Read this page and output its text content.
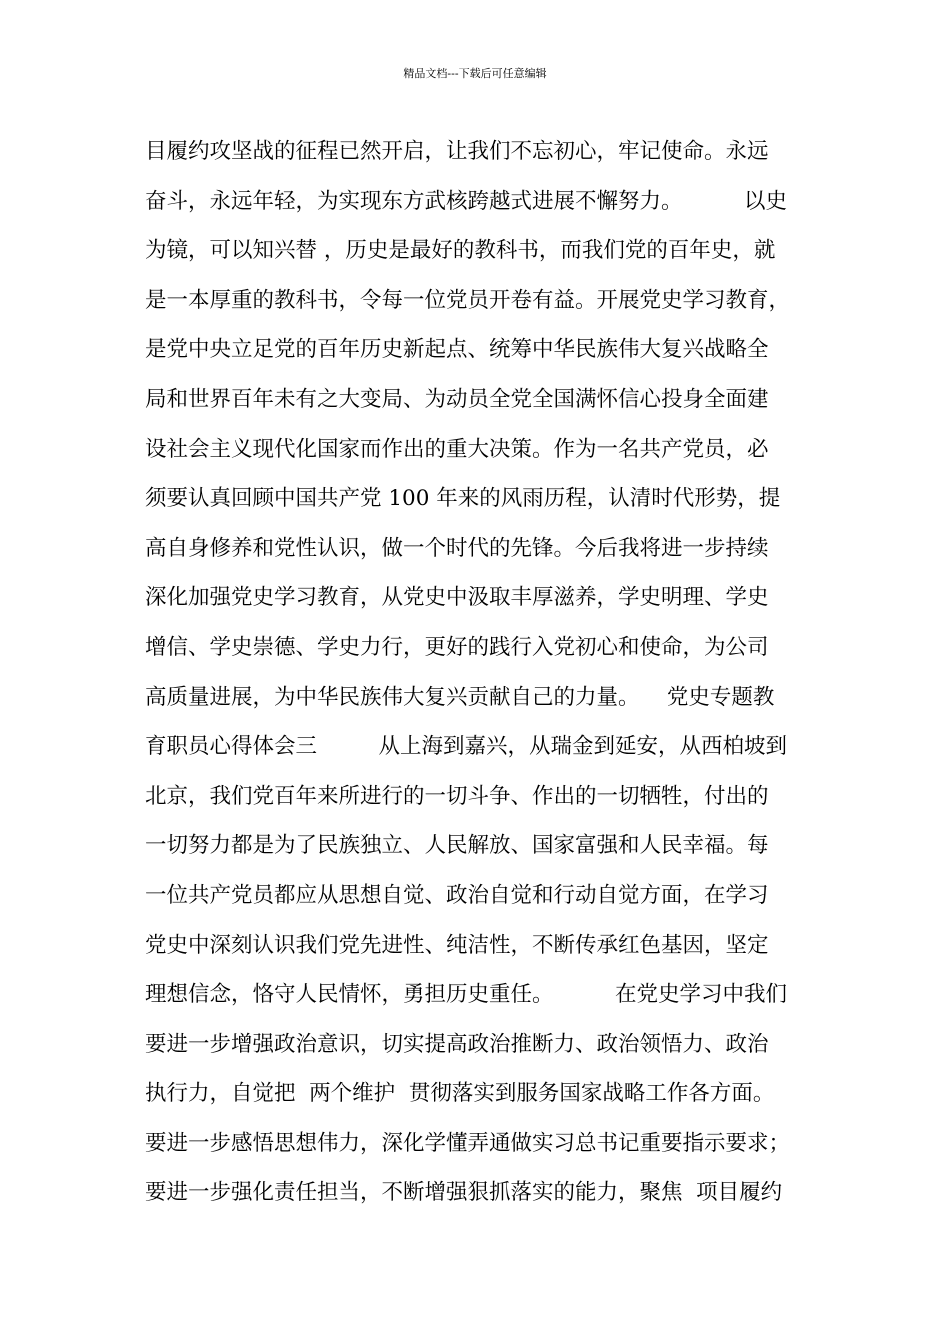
精品文档---下载后可任意编辑
目履约攻坚战的征程已然开启，让我们不忘初心，牢记使命。永远
奋斗，永远年轻，为实现东方武核跨越式进展不懈努力。         以史
为镜，可以知兴替 ，历史是最好的教科书，而我们党的百年史，就
是一本厚重的教科书，令每一位党员开卷有益。开展党史学习教育，
是党中央立足党的百年历史新起点、统筹中华民族伟大复兴战略全
局和世界百年未有之大变局、为动员全党全国满怀信心投身全面建
设社会主义现代化国家而作出的重大决策。作为一名共产党员，必
须要认真回顾中国共产党 100 年来的风雨历程，认清时代形势，提
高自身修养和党性认识，做一个时代的先锋。今后我将进一步持续
深化加强党史学习教育，从党史中汲取丰厚滋养，学史明理、学史
增信、学史崇德、学史力行，更好的践行入党初心和使命，为公司
高质量进展，为中华民族伟大复兴贡献自己的力量。    党史专题教
育职员心得体会三         从上海到嘉兴，从瑞金到延安，从西柏坡到
北京，我们党百年来所进行的一切斗争、作出的一切牺牲，付出的
一切努力都是为了民族独立、人民解放、国家富强和人民幸福。每
一位共产党员都应从思想自觉、政治自觉和行动自觉方面，在学习
党史中深刻认识我们党先进性、纯洁性，不断传承红色基因，坚定
理想信念，恪守人民情怀，勇担历史重任。         在党史学习中我们
要进一步增强政治意识，切实提高政治推断力、政治领悟力、政治
执行力，自觉把  两个维护  贯彻落实到服务国家战略工作各方面。
要进一步感悟思想伟力，深化学懂弄通做实习总书记重要指示要求；
要进一步强化责任担当，不断增强狠抓落实的能力，聚焦  项目履约
